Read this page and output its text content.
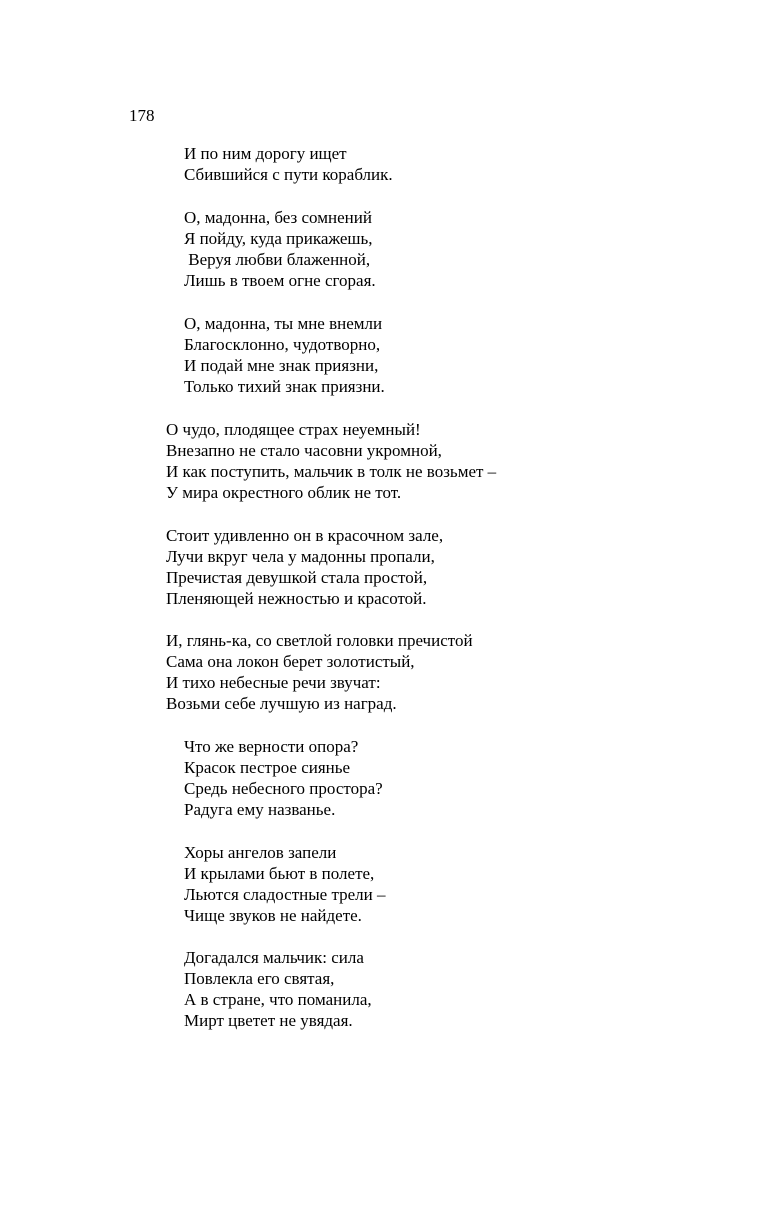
178
И по ним дорогу ищет
Сбившийся с пути кораблик.
О, мадонна, без сомнений
Я пойду, куда прикажешь,
Веруя любви блаженной,
Лишь в твоем огне сгорая.
О, мадонна, ты мне внемли
Благосклонно, чудотворно,
И подай мне знак приязни,
Только тихий знак приязни.
О чудо, плодящее страх неуемный!
Внезапно не стало часовни укромной,
И как поступить, мальчик в толк не возьмет –
У мира окрестного облик не тот.
Стоит удивленно он в красочном зале,
Лучи вкруг чела у мадонны пропали,
Пречистая девушкой стала простой,
Пленяющей нежностью и красотой.
И, глянь-ка, со светлой головки пречистой
Сама она локон берет золотистый,
И тихо небесные речи звучат:
Возьми себе лучшую из наград.
Что же верности опора?
Красок пестрое сиянье
Средь небесного простора?
Радуга ему названье.
Хоры ангелов запели
И крылами бьют в полете,
Льются сладостные трели –
Чище звуков не найдете.
Догадался мальчик: сила
Повлекла его святая,
А в стране, что поманила,
Мирт цветет не увядая.
